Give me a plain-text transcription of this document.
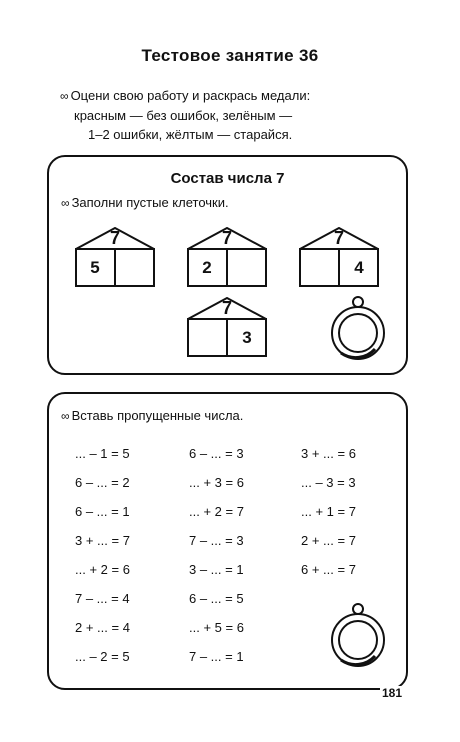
Тестовое занятие 36
∞ Оцени свою работу и раскрась медали:
красным — без ошибок, зелёным —
1–2 ошибки, жёлтым — старайся.
Состав числа 7
∞ Заполни пустые клеточки.
7
5
7
2
7
4
7
3
∞ Вставь пропущенные числа.
... – 1 = 5
6 – ... = 2
6 – ... = 1
3 + ... = 7
... + 2 = 6
7 – ... = 4
2 + ... = 4
... – 2 = 5
6 – ... = 3
... + 3 = 6
... + 2 = 7
7 – ... = 3
3 – ... = 1
6 – ... = 5
... + 5 = 6
7 – ... = 1
3 + ... = 6
... – 3 = 3
... + 1 = 7
2 + ... = 7
6 + ... = 7
181
